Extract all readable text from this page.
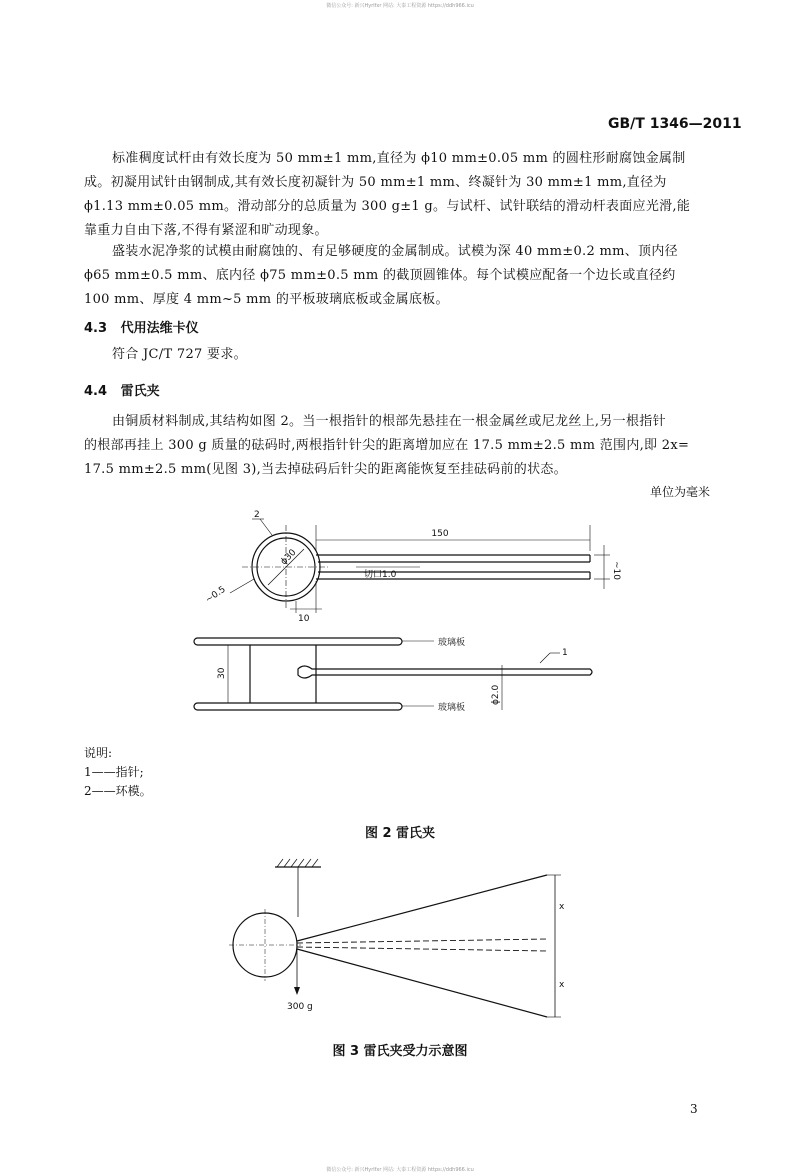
微信公众号: 新兴Hyrlfxr 网站: 大泰工程资源 https://ddh966.icu
GB/T 1346—2011
标准稠度试杆由有效长度为 50 mm±1 mm,直径为 ϕ10 mm±0.05 mm 的圆柱形耐腐蚀金属制
成。初凝用试针由钢制成,其有效长度初凝针为 50 mm±1 mm、终凝针为 30 mm±1 mm,直径为
ϕ1.13 mm±0.05 mm。滑动部分的总质量为 300 g±1 g。与试杆、试针联结的滑动杆表面应光滑,能
靠重力自由下落,不得有紧涩和旷动现象。
盛装水泥净浆的试模由耐腐蚀的、有足够硬度的金属制成。试模为深 40 mm±0.2 mm、顶内径
ϕ65 mm±0.5 mm、底内径 ϕ75 mm±0.5 mm 的截顶圆锥体。每个试模应配备一个边长或直径约
100 mm、厚度 4 mm~5 mm 的平板玻璃底板或金属底板。
4.3 代用法维卡仪
符合 JC/T 727 要求。
4.4 雷氏夹
由铜质材料制成,其结构如图 2。当一根指针的根部先悬挂在一根金属丝或尼龙丝上,另一根指针
的根部再挂上 300 g 质量的砝码时,两根指针针尖的距离增加应在 17.5 mm±2.5 mm 范围内,即 2x=
17.5 mm±2.5 mm(见图 3),当去掉砝码后针尖的距离能恢复至挂砝码前的状态。
单位为毫米
2
150
ϕ30
~0.5
~10
切口1.0
10
玻璃板
玻璃板
30
1
ϕ2.0
说明:
1——指针;
2——环模。
图 2 雷氏夹
300 g
x
x
图 3 雷氏夹受力示意图
3
微信公众号: 新兴Hyrlfxr 网站: 大泰工程资源 https://ddh966.icu
